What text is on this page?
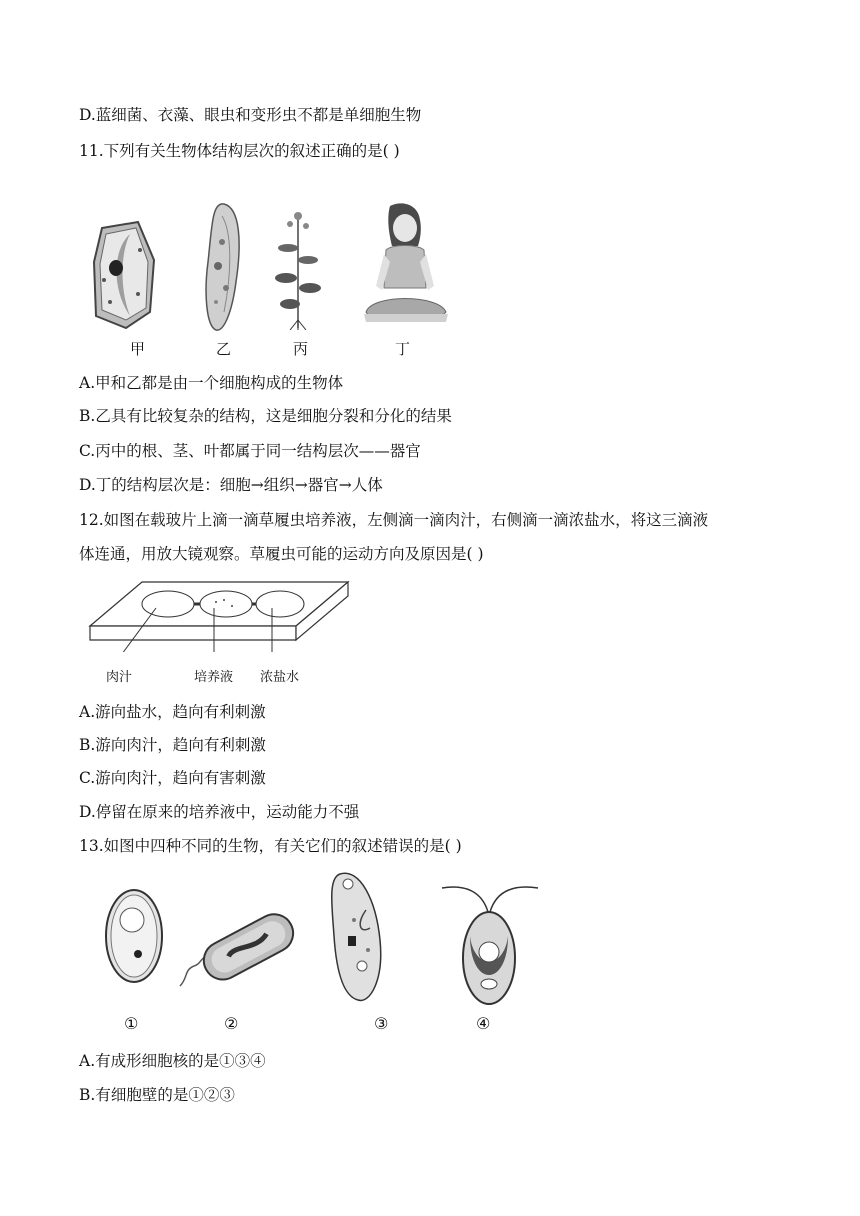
D.蓝细菌、衣藻、眼虫和变形虫不都是单细胞生物
11.下列有关生物体结构层次的叙述正确的是( )
甲	乙	丙	丁
A.甲和乙都是由一个细胞构成的生物体
B.乙具有比较复杂的结构，这是细胞分裂和分化的结果
C.丙中的根、茎、叶都属于同一结构层次——器官
D.丁的结构层次是：细胞→组织→器官→人体
12.如图在载玻片上滴一滴草履虫培养液，左侧滴一滴肉汁，右侧滴一滴浓盐水，将这三滴液
体连通，用放大镜观察。草履虫可能的运动方向及原因是( )
肉汁	培养液 浓盐水
A.游向盐水，趋向有利刺激
B.游向肉汁，趋向有利刺激
C.游向肉汁，趋向有害刺激
D.停留在原来的培养液中，运动能力不强
13.如图中四种不同的生物，有关它们的叙述错误的是( )
①	②	③	④
A.有成形细胞核的是①③④
B.有细胞壁的是①②③
